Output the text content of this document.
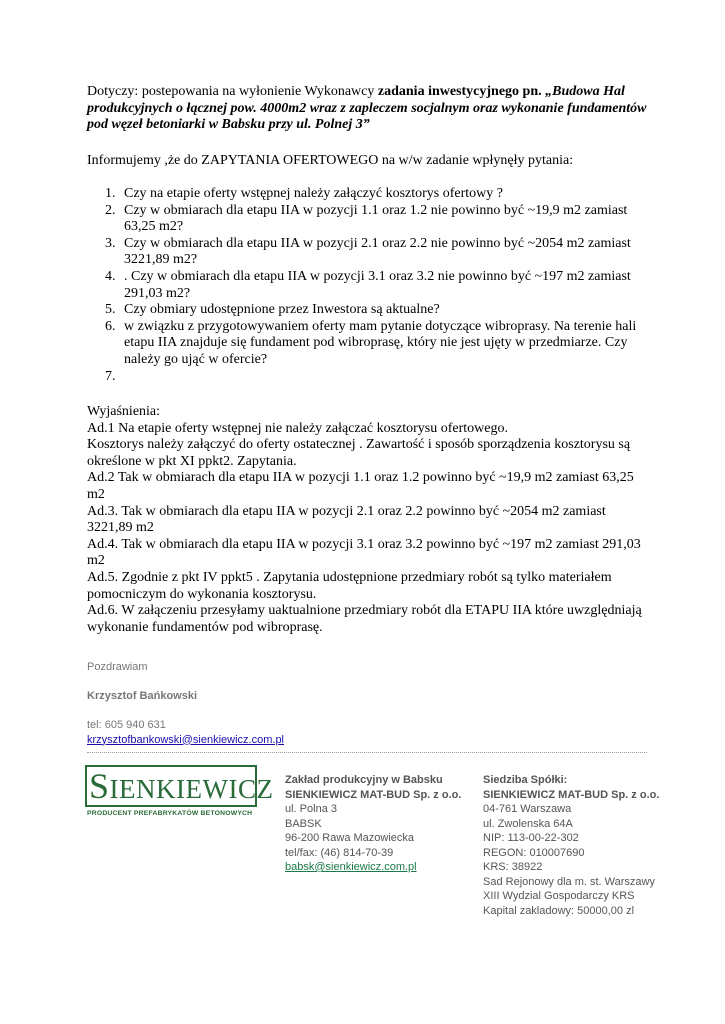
Dotyczy: postepowania na wyłonienie Wykonawcy zadania inwestycyjnego pn. „Budowa Hal produkcyjnych o łącznej pow. 4000m2 wraz z zapleczem socjalnym oraz wykonanie fundamentów pod węzeł betoniarki w Babsku przy ul. Polnej 3”

Informujemy ,że do ZAPYTANIA OFERTOWEGO na w/w zadanie wpłynęły pytania:

1. Czy na etapie oferty wstępnej należy załączyć kosztorys ofertowy ?
2. Czy w obmiarach dla etapu IIA w pozycji 1.1 oraz 1.2 nie powinno być ~19,9 m2 zamiast 63,25 m2?
3. Czy w obmiarach dla etapu IIA w pozycji 2.1 oraz 2.2 nie powinno być ~2054 m2 zamiast 3221,89 m2?
4. . Czy w obmiarach dla etapu IIA w pozycji 3.1 oraz 3.2 nie powinno być ~197 m2 zamiast 291,03 m2?
5. Czy obmiary udostępnione przez Inwestora są aktualne?
6. w związku z przygotowywaniem oferty mam pytanie dotyczące wibroprasy. Na terenie hali etapu IIA znajduje się fundament pod wibroprasę, który nie jest ujęty w przedmiarze. Czy należy go ująć w ofercie?
7.

Wyjaśnienia:

Ad.1 Na etapie oferty wstępnej nie należy załączać kosztorysu ofertowego.

Kosztorys należy załączyć do oferty ostatecznej . Zawartość i sposób sporządzenia kosztorysu są określone w pkt XI ppkt2. Zapytania.

Ad.2 Tak w obmiarach dla etapu IIA w pozycji 1.1 oraz 1.2 powinno być ~19,9 m2 zamiast 63,25 m2

Ad.3. Tak w obmiarach dla etapu IIA w pozycji 2.1 oraz 2.2 powinno być ~2054 m2 zamiast 3221,89 m2

Ad.4. Tak w obmiarach dla etapu IIA w pozycji 3.1 oraz 3.2 powinno być ~197 m2 zamiast 291,03 m2

Ad.5. Zgodnie z pkt IV ppkt5 . Zapytania udostępnione przedmiary robót są tylko materiałem pomocniczym do wykonania kosztorysu.

Ad.6. W załączeniu przesyłamy uaktualnione przedmiary robót dla ETAPU IIA które uwzględniają wykonanie fundamentów pod wibroprasę.

Pozdrawiam

Krzysztof Bańkowski

tel: 605 940 631

krzysztofbankowski@sienkiewicz.com.pl

SIENKIEWICZ
PRODUCENT PREFABRYKATÓW BETONOWYCH

Zakład produkcyjny w Babsku

SIENKIEWICZ MAT-BUD Sp. z o.o.

ul. Polna 3

BABSK

96-200 Rawa Mazowiecka

tel/fax: (46) 814-70-39

babsk@sienkiewicz.com.pl

Siedziba Spółki:

SIENKIEWICZ MAT-BUD Sp. z o.o.

04-761 Warszawa

ul. Zwolenska 64A

NIP: 113-00-22-302

REGON: 010007690

KRS: 38922

Sad Rejonowy dla m. st. Warszawy

XIII Wydzial Gospodarczy KRS

Kapital zakladowy: 50000,00 zl
